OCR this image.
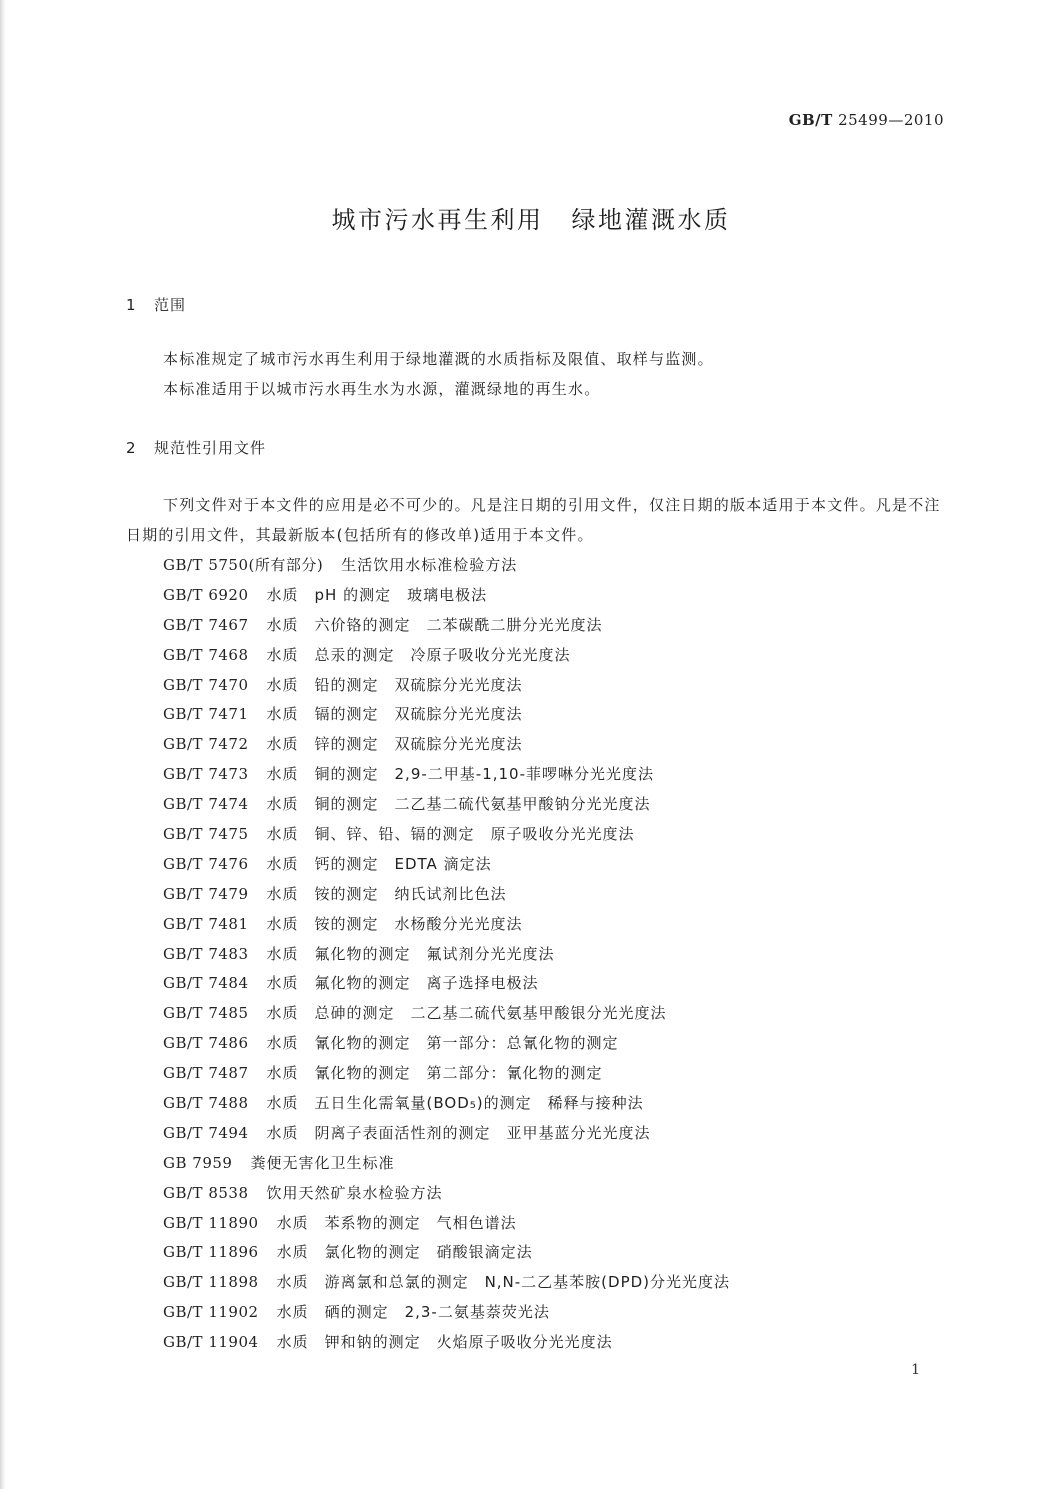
GB/T 25499—2010
城市污水再生利用 绿地灌溉水质
1 范围
本标准规定了城市污水再生利用于绿地灌溉的水质指标及限值、取样与监测。
本标准适用于以城市污水再生水为水源，灌溉绿地的再生水。
2 规范性引用文件
下列文件对于本文件的应用是必不可少的。凡是注日期的引用文件，仅注日期的版本适用于本文件。凡是不注日期的引用文件，其最新版本(包括所有的修改单)适用于本文件。
GB/T 5750(所有部分) 生活饮用水标准检验方法
GB/T 6920 水质　pH 的测定　玻璃电极法
GB/T 7467 水质　六价铬的测定　二苯碳酰二肼分光光度法
GB/T 7468 水质　总汞的测定　冷原子吸收分光光度法
GB/T 7470 水质　铅的测定　双硫腙分光光度法
GB/T 7471 水质　镉的测定　双硫腙分光光度法
GB/T 7472 水质　锌的测定　双硫腙分光光度法
GB/T 7473 水质　铜的测定　2,9-二甲基-1,10-菲啰啉分光光度法
GB/T 7474 水质　铜的测定　二乙基二硫代氨基甲酸钠分光光度法
GB/T 7475 水质　铜、锌、铅、镉的测定　原子吸收分光光度法
GB/T 7476 水质　钙的测定　EDTA 滴定法
GB/T 7479 水质　铵的测定　纳氏试剂比色法
GB/T 7481 水质　铵的测定　水杨酸分光光度法
GB/T 7483 水质　氟化物的测定　氟试剂分光光度法
GB/T 7484 水质　氟化物的测定　离子选择电极法
GB/T 7485 水质　总砷的测定　二乙基二硫代氨基甲酸银分光光度法
GB/T 7486 水质　氰化物的测定　第一部分：总氰化物的测定
GB/T 7487 水质　氰化物的测定　第二部分：氰化物的测定
GB/T 7488 水质　五日生化需氧量(BOD₅)的测定　稀释与接种法
GB/T 7494 水质　阴离子表面活性剂的测定　亚甲基蓝分光光度法
GB 7959 粪便无害化卫生标准
GB/T 8538 饮用天然矿泉水检验方法
GB/T 11890 水质　苯系物的测定　气相色谱法
GB/T 11896 水质　氯化物的测定　硝酸银滴定法
GB/T 11898 水质　游离氯和总氯的测定　N,N-二乙基苯胺(DPD)分光光度法
GB/T 11902 水质　硒的测定　2,3-二氨基萘荧光法
GB/T 11904 水质　钾和钠的测定　火焰原子吸收分光光度法
1
